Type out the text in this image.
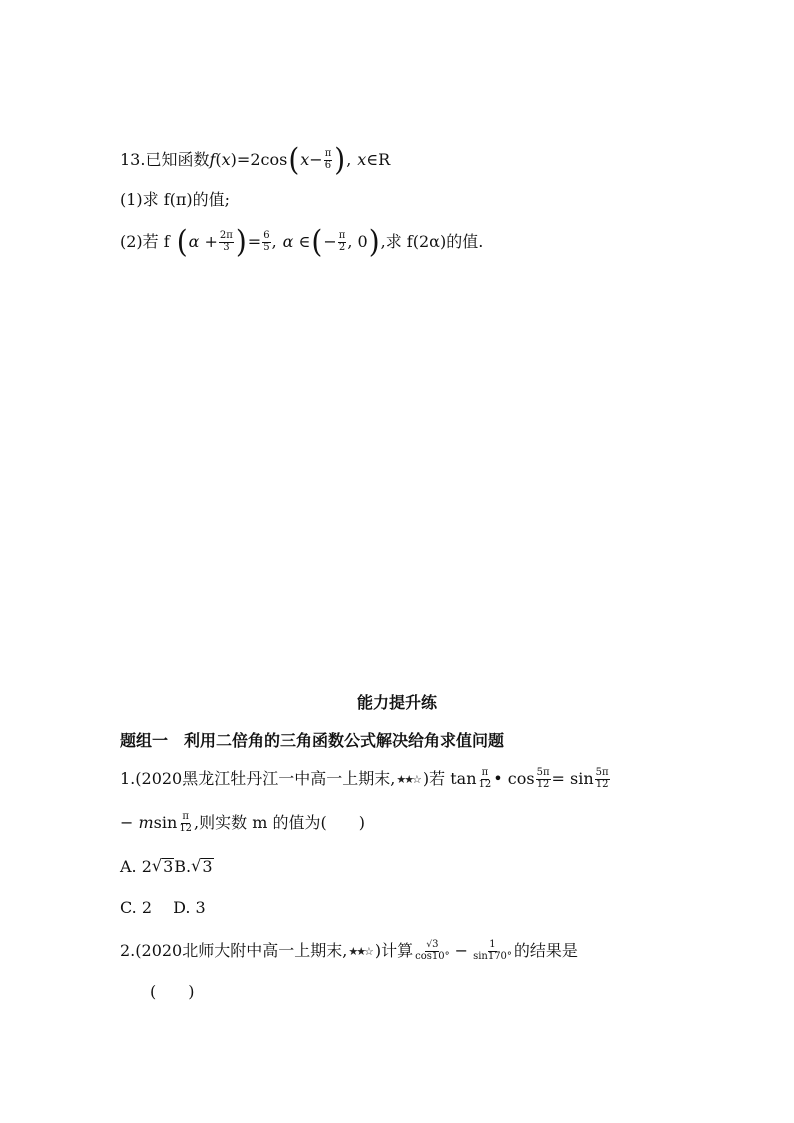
13. 已知函数 f ( x ) =2cos ( $x - \frac{\pi}{6}$ ) , x ∈R
(1)求 f(π)的值;
(2)若 f ( $\alpha + \frac{2\pi}{3}$ ) = $\frac{6}{5}$ , α ∈ ( − $\frac{\pi}{2}$ , 0 ) ,求 f(2α)的值.
能力提升练
题组一　利用二倍角的三角函数公式解决给角求值问题
1.(2020黑龙江牡丹江一中高一上期末, ★★☆ )若 $\tan \frac{\pi}{12}$ • $\cos \frac{5\pi}{12} = \sin \frac{5\pi}{12}$
− m $\sin \frac{\pi}{12}$ ,则实数 m 的值为(　　)
A. 2 √ 3 B. √ 3
C. 2　 D. 3
2.(2020北师大附中高一上期末, ★★☆ )计算 $\frac{√3}{\cos 10^\circ} - \frac{1}{\sin 170^\circ}$ 的结果是
(　　)
